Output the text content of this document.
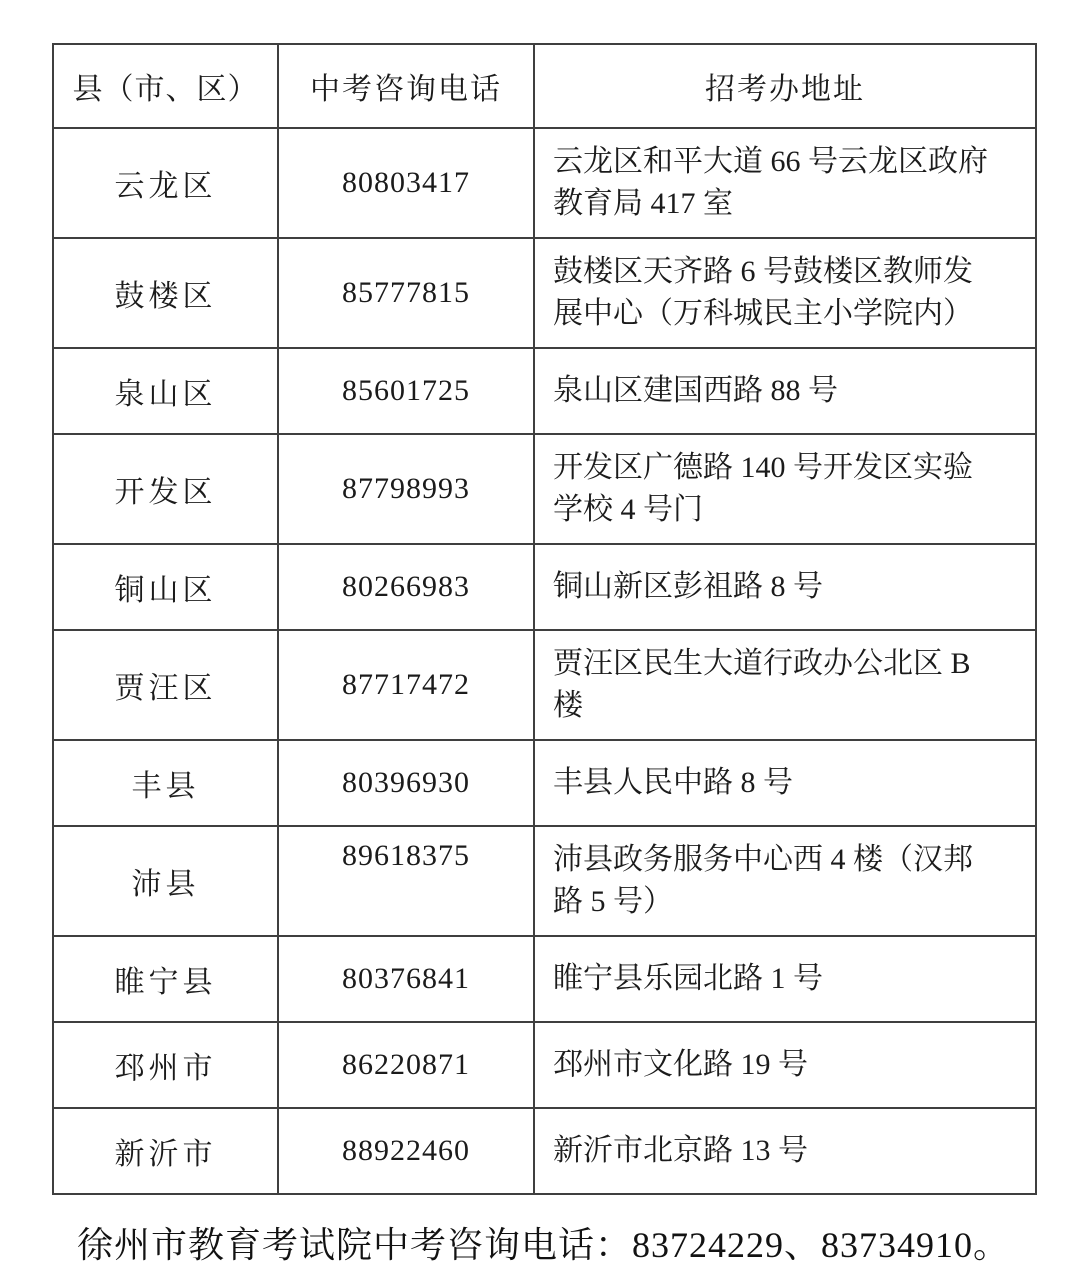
县（市、区）	中考咨询电话	招考办地址
云龙区	80803417	云龙区和平大道 66 号云龙区政府教育局 417 室
鼓楼区	85777815	鼓楼区天齐路 6 号鼓楼区教师发展中心（万科城民主小学院内）
泉山区	85601725	泉山区建国西路 88 号
开发区	87798993	开发区广德路 140 号开发区实验学校 4 号门
铜山区	80266983	铜山新区彭祖路 8 号
贾汪区	87717472	贾汪区民生大道行政办公北区 B 楼
丰县	80396930	丰县人民中路 8 号
沛县	89618375	沛县政务服务中心西 4 楼（汉邦路 5 号）
睢宁县	80376841	睢宁县乐园北路 1 号
邳州市	86220871	邳州市文化路 19 号
新沂市	88922460	新沂市北京路 13 号
徐州市教育考试院中考咨询电话：83724229、83734910。
